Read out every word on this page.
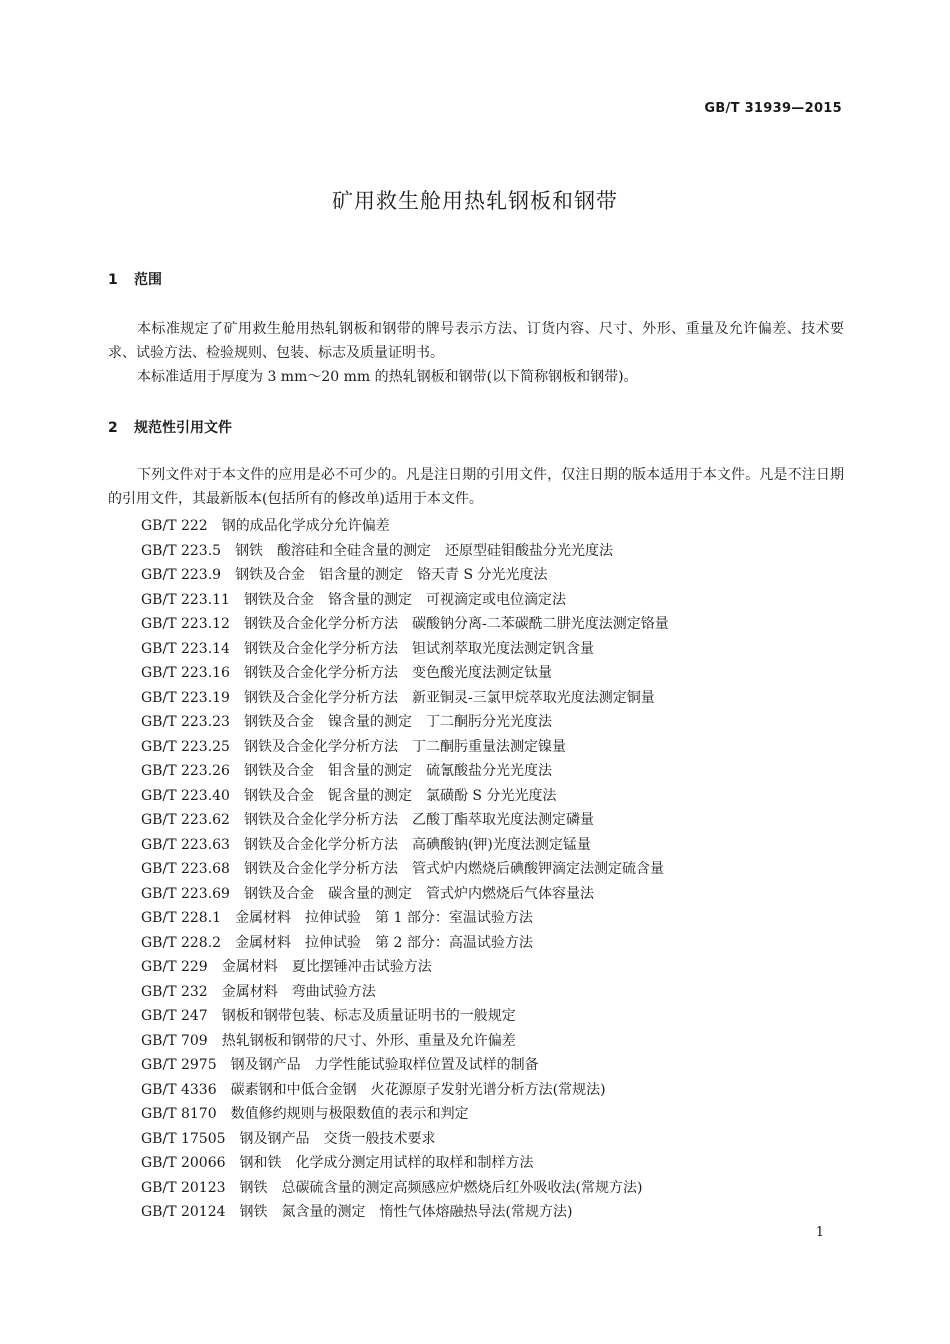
GB/T 31939—2015
矿用救生舱用热轧钢板和钢带
1 范围

本标准规定了矿用救生舱用热轧钢板和钢带的牌号表示方法、订货内容、尺寸、外形、重量及允许偏差、技术要求、试验方法、检验规则、包装、标志及质量证明书。

本标准适用于厚度为 3 mm～20 mm 的热轧钢板和钢带(以下简称钢板和钢带)。

2 规范性引用文件

下列文件对于本文件的应用是必不可少的。凡是注日期的引用文件，仅注日期的版本适用于本文件。凡是不注日期的引用文件，其最新版本(包括所有的修改单)适用于本文件。

GB/T 222 钢的成品化学成分允许偏差
GB/T 223.5 钢铁　酸溶硅和全硅含量的测定　还原型硅钼酸盐分光光度法
GB/T 223.9 钢铁及合金　铝含量的测定　铬天青 S 分光光度法
GB/T 223.11 钢铁及合金　铬含量的测定　可视滴定或电位滴定法
GB/T 223.12 钢铁及合金化学分析方法　碳酸钠分离-二苯碳酰二肼光度法测定铬量
GB/T 223.14 钢铁及合金化学分析方法　钽试剂萃取光度法测定钒含量
GB/T 223.16 钢铁及合金化学分析方法　变色酸光度法测定钛量
GB/T 223.19 钢铁及合金化学分析方法　新亚铜灵-三氯甲烷萃取光度法测定铜量
GB/T 223.23 钢铁及合金　镍含量的测定　丁二酮肟分光光度法
GB/T 223.25 钢铁及合金化学分析方法　丁二酮肟重量法测定镍量
GB/T 223.26 钢铁及合金　钼含量的测定　硫氰酸盐分光光度法
GB/T 223.40 钢铁及合金　铌含量的测定　氯磺酚 S 分光光度法
GB/T 223.62 钢铁及合金化学分析方法　乙酸丁酯萃取光度法测定磷量
GB/T 223.63 钢铁及合金化学分析方法　高碘酸钠(钾)光度法测定锰量
GB/T 223.68 钢铁及合金化学分析方法　管式炉内燃烧后碘酸钾滴定法测定硫含量
GB/T 223.69 钢铁及合金　碳含量的测定　管式炉内燃烧后气体容量法
GB/T 228.1 金属材料　拉伸试验　第 1 部分：室温试验方法
GB/T 228.2 金属材料　拉伸试验　第 2 部分：高温试验方法
GB/T 229 金属材料　夏比摆锤冲击试验方法
GB/T 232 金属材料　弯曲试验方法
GB/T 247 钢板和钢带包装、标志及质量证明书的一般规定
GB/T 709 热轧钢板和钢带的尺寸、外形、重量及允许偏差
GB/T 2975 钢及钢产品　力学性能试验取样位置及试样的制备
GB/T 4336 碳素钢和中低合金钢　火花源原子发射光谱分析方法(常规法)
GB/T 8170 数值修约规则与极限数值的表示和判定
GB/T 17505 钢及钢产品　交货一般技术要求
GB/T 20066 钢和铁　化学成分测定用试样的取样和制样方法
GB/T 20123 钢铁　总碳硫含量的测定高频感应炉燃烧后红外吸收法(常规方法)
GB/T 20124 钢铁　氮含量的测定　惰性气体熔融热导法(常规方法)
1
